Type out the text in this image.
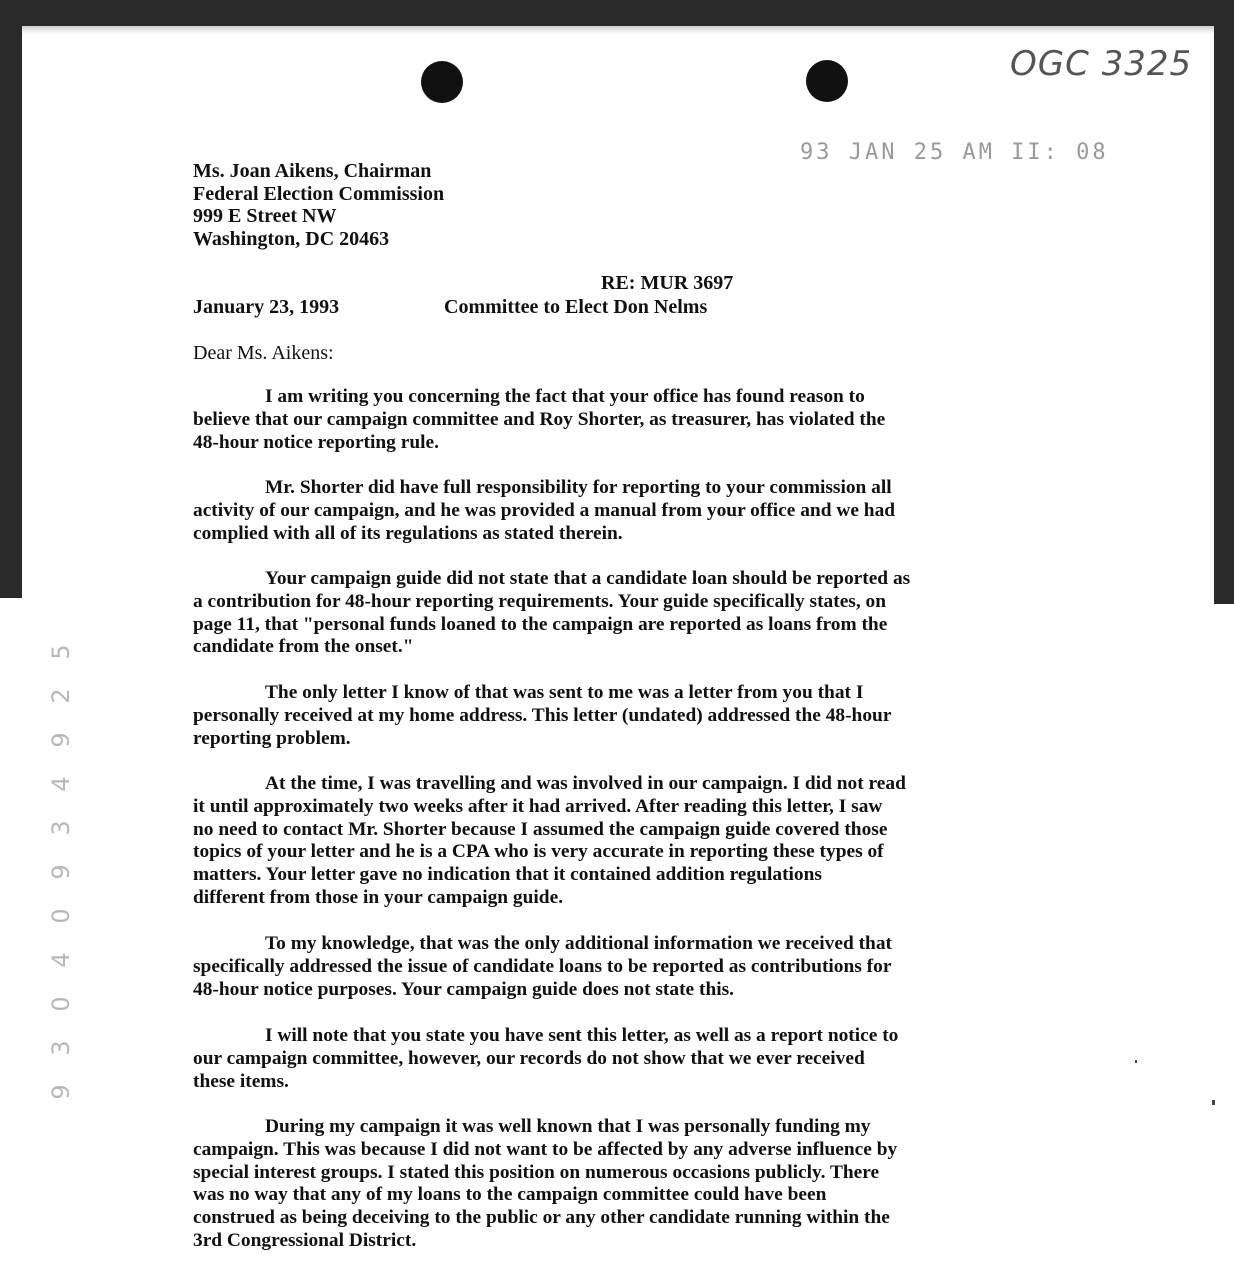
OGC 3325
93 JAN 25 AM II: 08
Ms. Joan Aikens, Chairman
Federal Election Commission
999 E Street NW
Washington, DC 20463
RE: MUR 3697
Committee to Elect Don Nelms
January 23, 1993
Dear Ms. Aikens:
I am writing you concerning the fact that your office has found reason to
believe that our campaign committee and Roy Shorter, as treasurer, has violated the
48-hour notice reporting rule.
Mr. Shorter did have full responsibility for reporting to your commission all
activity of our campaign, and he was provided a manual from your office and we had
complied with all of its regulations as stated therein.
Your campaign guide did not state that a candidate loan should be reported as
a contribution for 48-hour reporting requirements. Your guide specifically states, on
page 11, that "personal funds loaned to the campaign are reported as loans from the
candidate from the onset."
The only letter I know of that was sent to me was a letter from you that I
personally received at my home address. This letter (undated) addressed the 48-hour
reporting problem.
At the time, I was travelling and was involved in our campaign. I did not read
it until approximately two weeks after it had arrived. After reading this letter, I saw
no need to contact Mr. Shorter because I assumed the campaign guide covered those
topics of your letter and he is a CPA who is very accurate in reporting these types of
matters. Your letter gave no indication that it contained addition regulations
different from those in your campaign guide.
To my knowledge, that was the only additional information we received that
specifically addressed the issue of candidate loans to be reported as contributions for
48-hour notice purposes. Your campaign guide does not state this.
I will note that you state you have sent this letter, as well as a report notice to
our campaign committee, however, our records do not show that we ever received
these items.
During my campaign it was well known that I was personally funding my
campaign. This was because I did not want to be affected by any adverse influence by
special interest groups. I stated this position on numerous occasions publicly. There
was no way that any of my loans to the campaign committee could have been
construed as being deceiving to the public or any other candidate running within the
3rd Congressional District.
5
2
9
4
3
9
0
4
0
3
9
